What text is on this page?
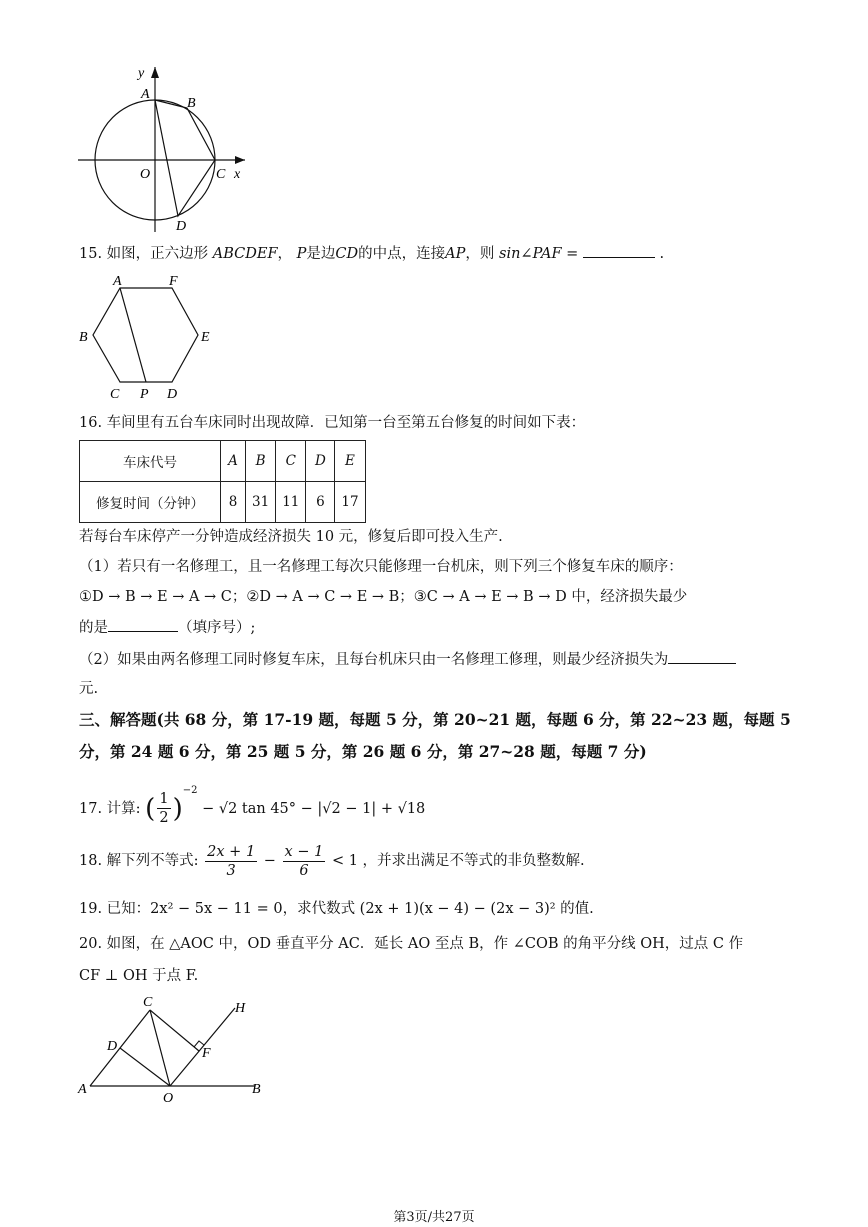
y
A
B
O	C x
D
15. 如图，正六边形 ABCDEF， P是边CD的中点，连接AP，则 sin∠PAF =	.
A	F
B	E
C P D
16. 车间里有五台车床同时出现故障．已知第一台至第五台修复的时间如下表：
车床代号	A	B	C	D	E
修复时间（分钟）	8	31	11	6	17
若每台车床停产一分钟造成经济损失 10 元，修复后即可投入生产.
（1）若只有一名修理工，且一名修理工每次只能修理一台机床，则下列三个修复车床的顺序：
①D → B → E → A → C；②D → A → C → E → B；③C → A → E → B → D 中，经济损失最少
的是	（填序号）;
（2）如果由两名修理工同时修复车床，且每台机床只由一名修理工修理，则最少经济损失为
元.
三、解答题(共 68 分，第 17-19 题，每题 5 分，第 20~21 题，每题 6 分，第 22~23 题，每题 5
分，第 24 题 6 分，第 25 题 5 分，第 26 题 6 分，第 27~28 题，每题 7 分)
17. 计算: ( $\frac{1}{2} )^{-2} - √2$ tan 45° − |√2 − 1| + √18
18. 解下列不等式: $\frac{2x + 1}{3} - \frac{x - 1}{6} < 1$ ，并求出满足不等式的非负整数解.
19. 已知：2x² − 5x − 11 = 0，求代数式 (2x + 1)(x − 4) − (2x − 3)² 的值.
20. 如图，在 △AOC 中，OD 垂直平分 AC．延长 AO 至点 B，作 ∠COB 的角平分线 OH，过点 C 作
CF ⊥ OH 于点 F.
C	H
D	F
A
O
B
第3页/共27页
